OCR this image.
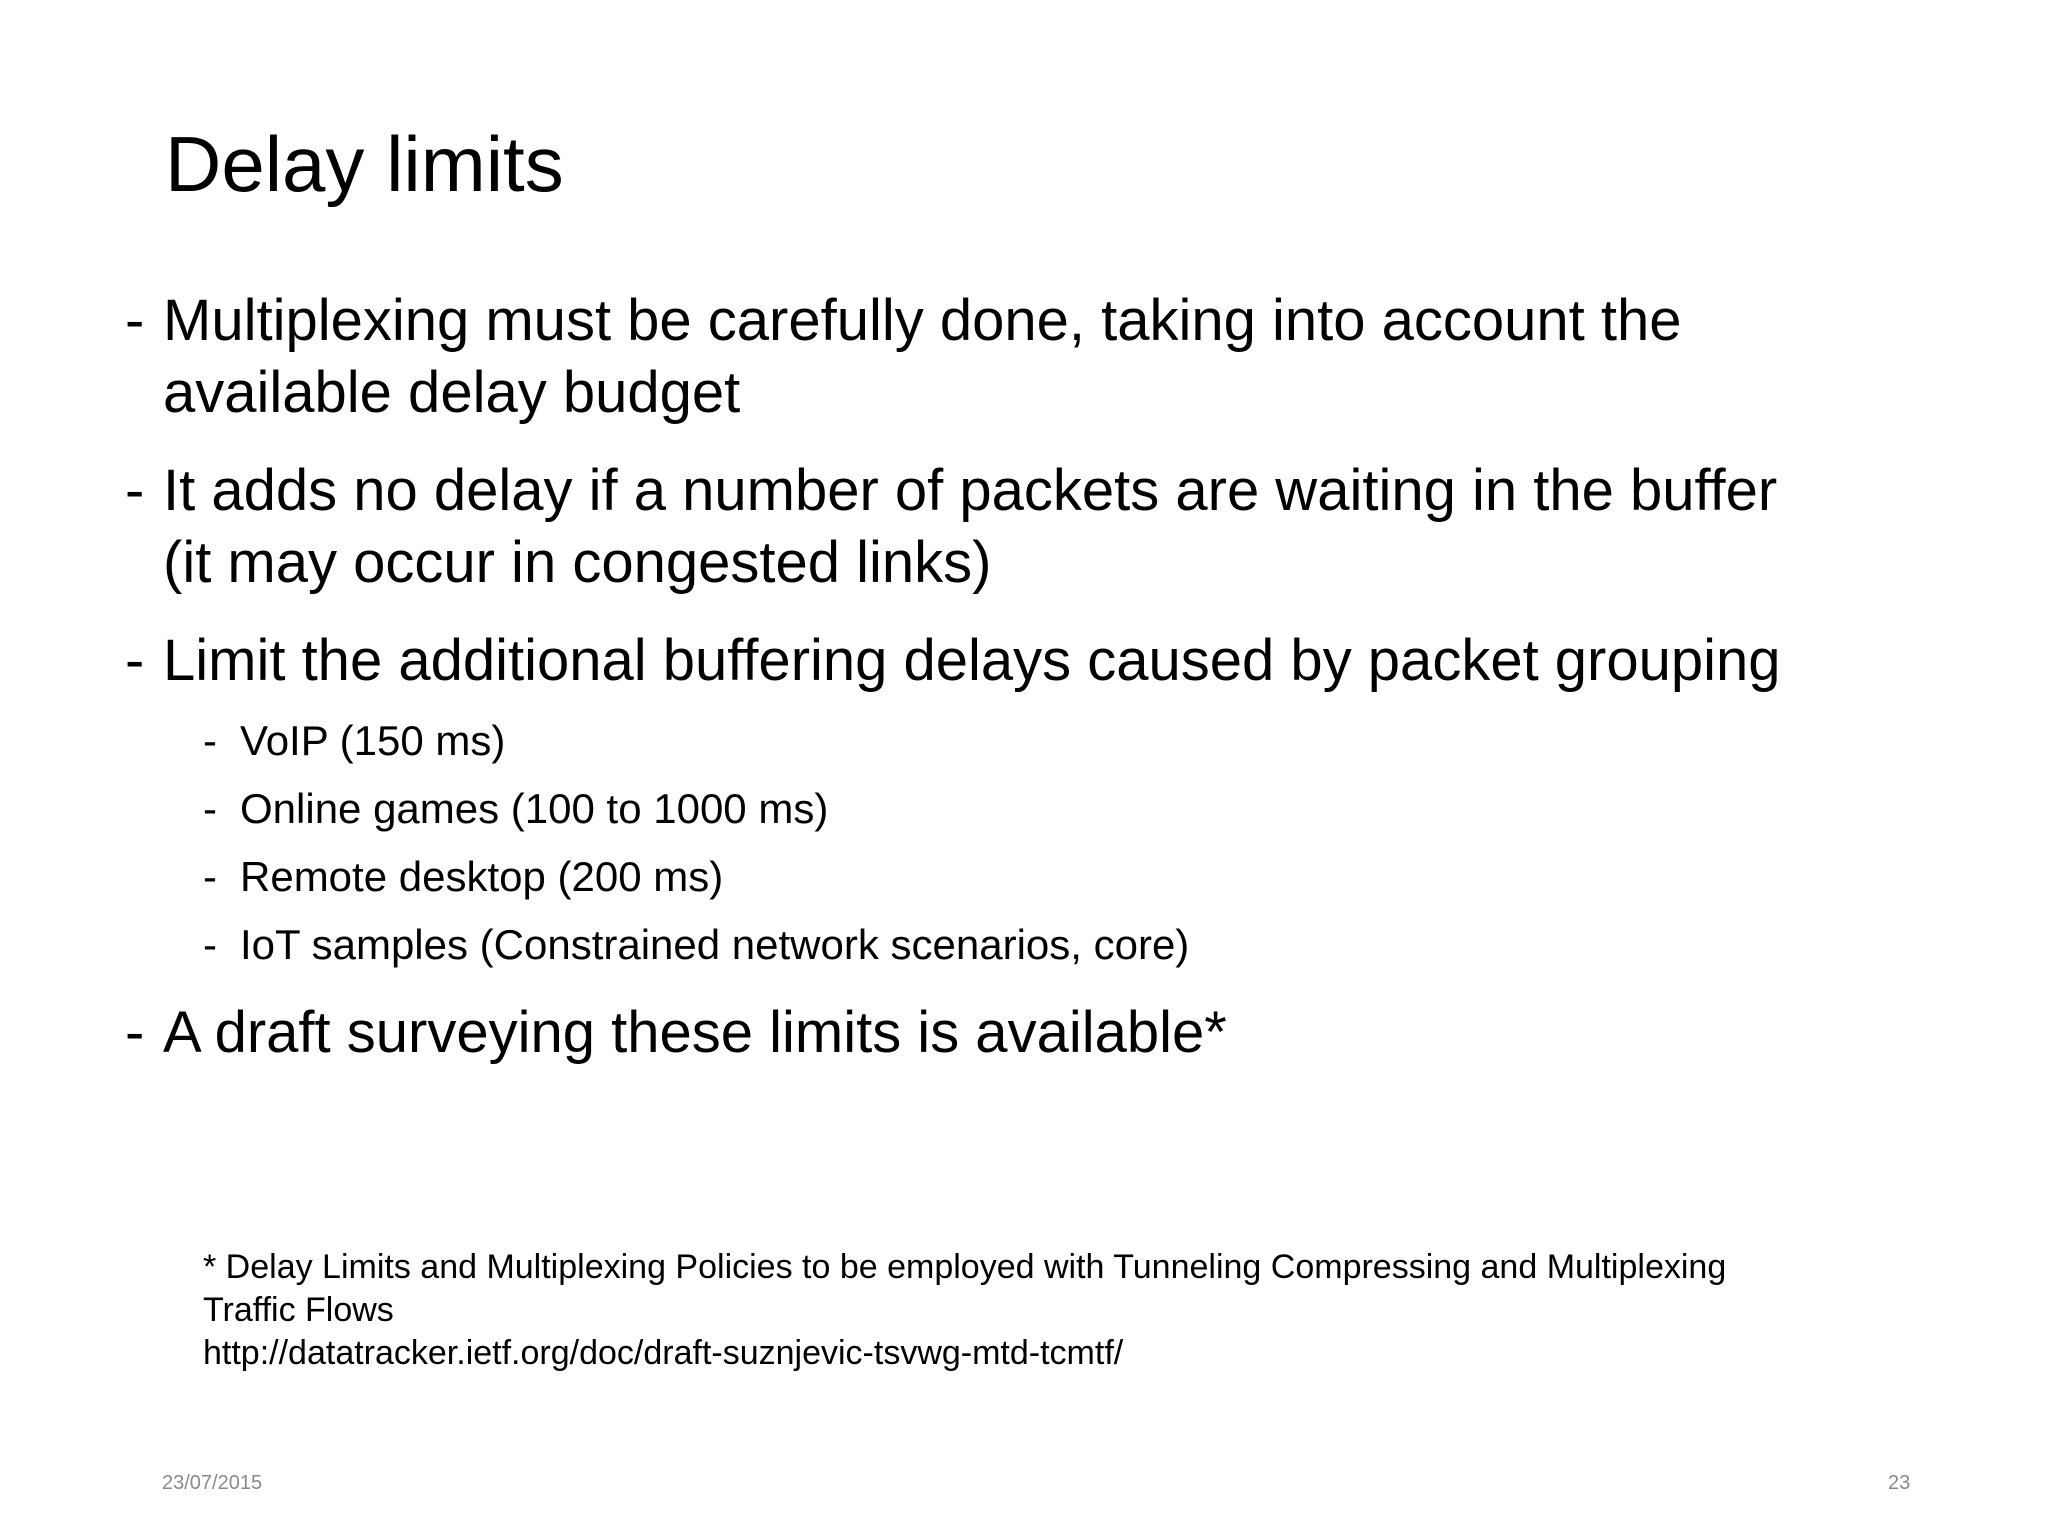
Delay limits
- Multiplexing must be carefully done, taking into account the
available delay budget
- It adds no delay if a number of packets are waiting in the buffer
(it may occur in congested links)
- Limit the additional buffering delays caused by packet grouping
- VoIP (150 ms)
- Online games (100 to 1000 ms)
- Remote desktop (200 ms)
- IoT samples (Constrained network scenarios, core)
- A draft surveying these limits is available*
* Delay Limits and Multiplexing Policies to be employed with Tunneling Compressing and Multiplexing
Traffic Flows
http://datatracker.ietf.org/doc/draft-suznjevic-tsvwg-mtd-tcmtf/
23/07/2015	23
